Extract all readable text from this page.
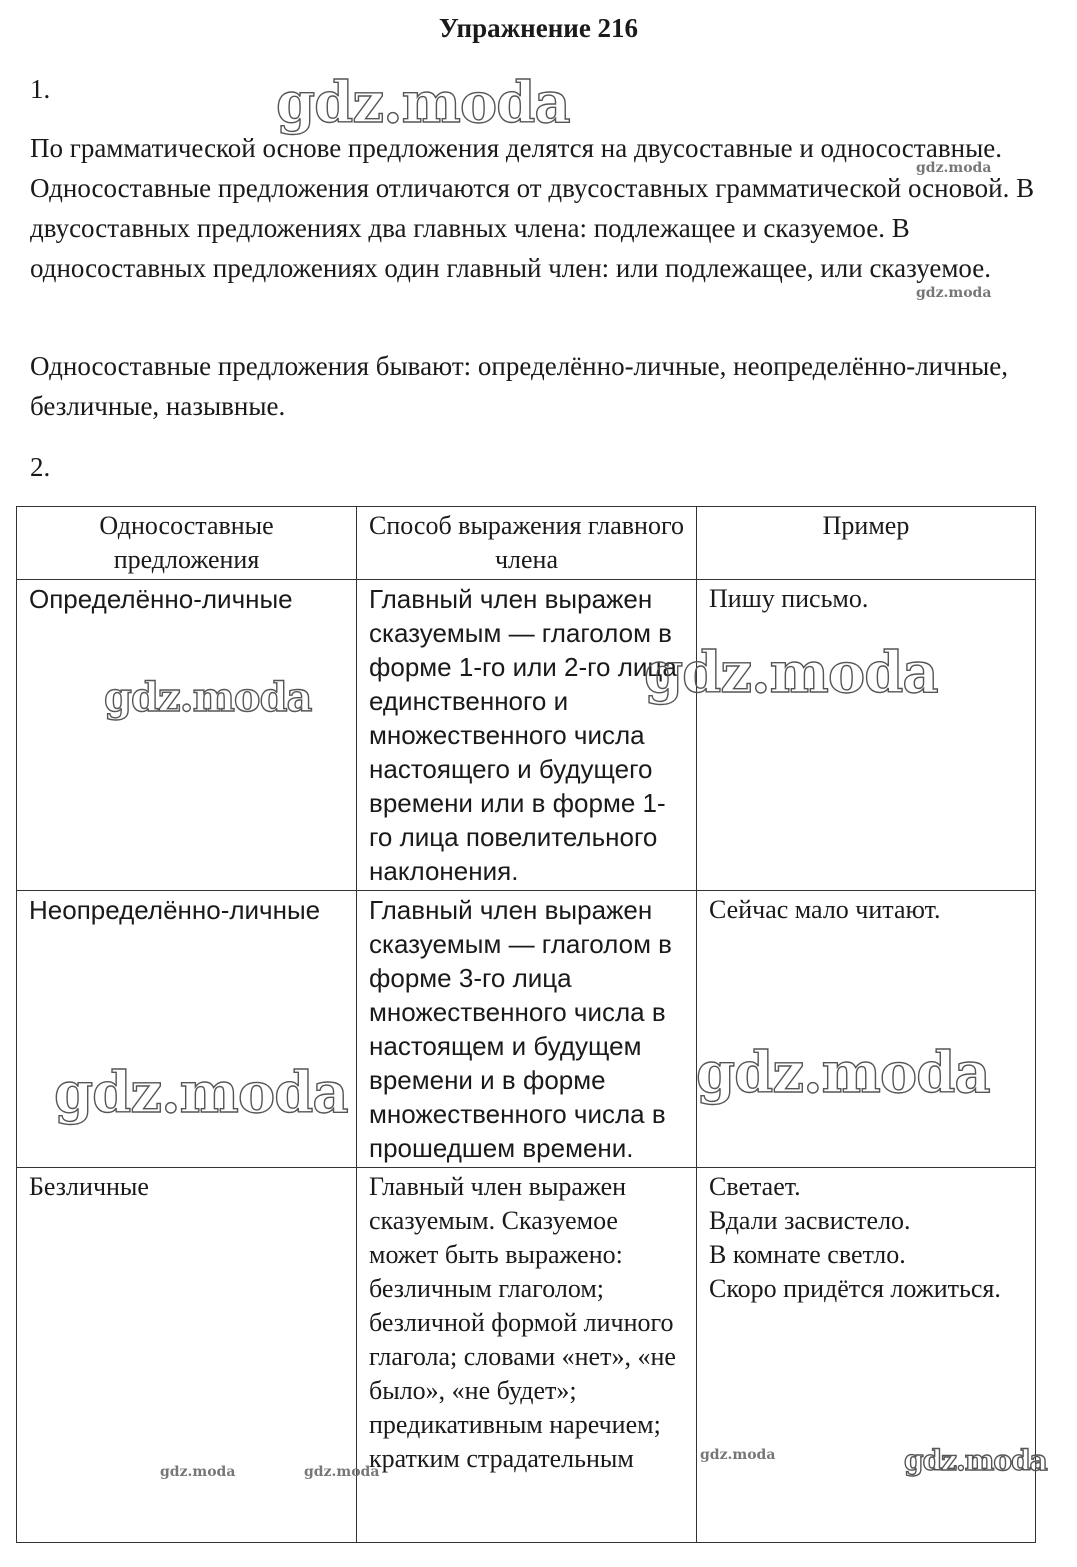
Упражнение 216
1.

По грамматической основе предложения делятся на двусоставные и односоставные. Односоставные предложения отличаются от двусоставных грамматической основой. В двусоставных предложениях два главных члена: подлежащее и сказуемое. В односоставных предложениях один главный член: или подлежащее, или сказуемое.

Односоставные предложения бывают: определённо-личные, неопределённо-личные, безличные, назывные.

2.
Односоставные предложения	Способ выражения главного члена	Пример
Определённо-личные	Главный член выражен сказуемым — глаголом в форме 1-го или 2-го лица единственного и множественного числа настоящего и будущего времени или в форме 1-го лица повелительного наклонения.	Пишу письмо.

Неопределённо-личные	Главный член выражен сказуемым — глаголом в форме 3-го лица множественного числа в настоящем и будущем времени и в форме множественного числа в прошедшем времени.	Сейчас мало читают.

Безличные	Главный член выражен сказуемым. Сказуемое может быть выражено: безличным глаголом; безличной формой личного глагола; словами «нет», «не было», «не будет»; предикативным наречием; кратким страдательным	Светает.
Вдали засвистело.
В комнате светло.
Скоро придётся ложиться.
gdz.moda
gdz.moda
gdz.moda
gdz.moda	gdz.moda
gdz.moda	gdz.moda
gdz.moda	gdz.moda
gdz.moda	gdz.moda
